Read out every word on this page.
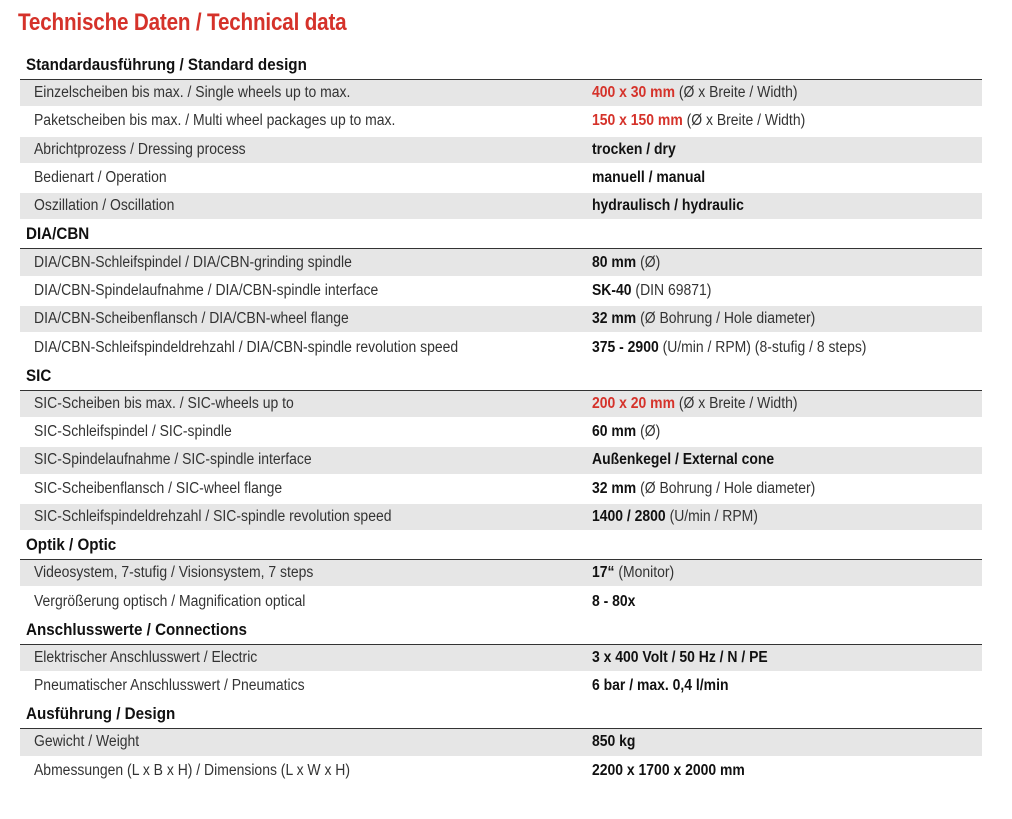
Technische Daten / Technical data
Standardausführung / Standard design
Einzelscheiben bis max. / Single wheels up to max.	400 x 30 mm (Ø x Breite / Width)
Paketscheiben bis max. / Multi wheel packages up to max.	150 x 150 mm (Ø x Breite / Width)
Abrichtprozess / Dressing process	trocken / dry
Bedienart / Operation	manuell / manual
Oszillation / Oscillation	hydraulisch / hydraulic
DIA/CBN
DIA/CBN-Schleifspindel / DIA/CBN-grinding spindle	80 mm (Ø)
DIA/CBN-Spindelaufnahme / DIA/CBN-spindle interface	SK-40 (DIN 69871)
DIA/CBN-Scheibenflansch / DIA/CBN-wheel flange	32 mm (Ø Bohrung / Hole diameter)
DIA/CBN-Schleifspindeldrehzahl / DIA/CBN-spindle revolution speed	375 - 2900 (U/min / RPM) (8-stufig / 8 steps)
SIC
SIC-Scheiben bis max. / SIC-wheels up to	200 x 20 mm (Ø x Breite / Width)
SIC-Schleifspindel / SIC-spindle	60 mm (Ø)
SIC-Spindelaufnahme / SIC-spindle interface	Außenkegel / External cone
SIC-Scheibenflansch / SIC-wheel flange	32 mm (Ø Bohrung / Hole diameter)
SIC-Schleifspindeldrehzahl / SIC-spindle revolution speed	1400 / 2800 (U/min / RPM)
Optik / Optic
Videosystem, 7-stufig / Visionsystem, 7 steps	17“ (Monitor)
Vergrößerung optisch / Magnification optical	8 - 80x
Anschlusswerte / Connections
Elektrischer Anschlusswert / Electric	3 x 400 Volt / 50 Hz / N / PE
Pneumatischer Anschlusswert / Pneumatics	6 bar / max. 0,4 l/min
Ausführung / Design
Gewicht / Weight	850 kg
Abmessungen (L x B x H) / Dimensions (L x W x H)	2200 x 1700 x 2000 mm
